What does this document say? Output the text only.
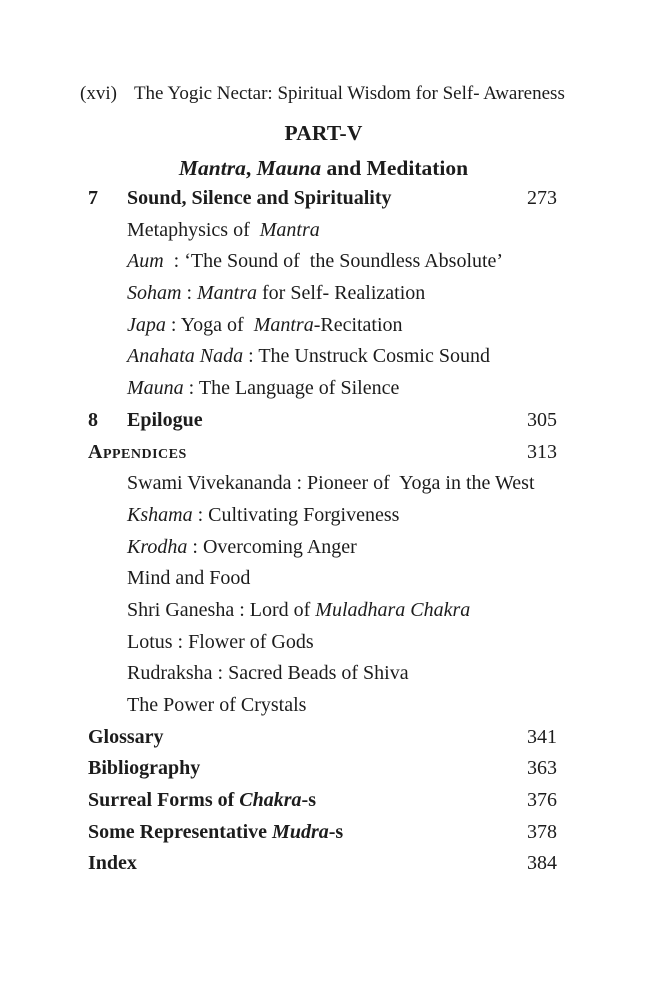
(xvi) The Yogic Nectar: Spiritual Wisdom for Self- Awareness
PART-V
Mantra, Mauna and Meditation
7	Sound, Silence and Spirituality	273
Metaphysics of  Mantra
Aum  : ‘The Sound of  the Soundless Absolute’
Soham : Mantra for Self- Realization
Japa : Yoga of  Mantra-Recitation
Anahata Nada : The Unstruck Cosmic Sound
Mauna : The Language of Silence
8	Epilogue	305
Appendices	313
Swami Vivekananda : Pioneer of  Yoga in the West
Kshama : Cultivating Forgiveness
Krodha : Overcoming Anger
Mind and Food
Shri Ganesha : Lord of Muladhara Chakra
Lotus : Flower of Gods
Rudraksha : Sacred Beads of Shiva
The Power of Crystals
Glossary	341
Bibliography	363
Surreal Forms of Chakra-s	376
Some Representative Mudra-s	378
Index	384
